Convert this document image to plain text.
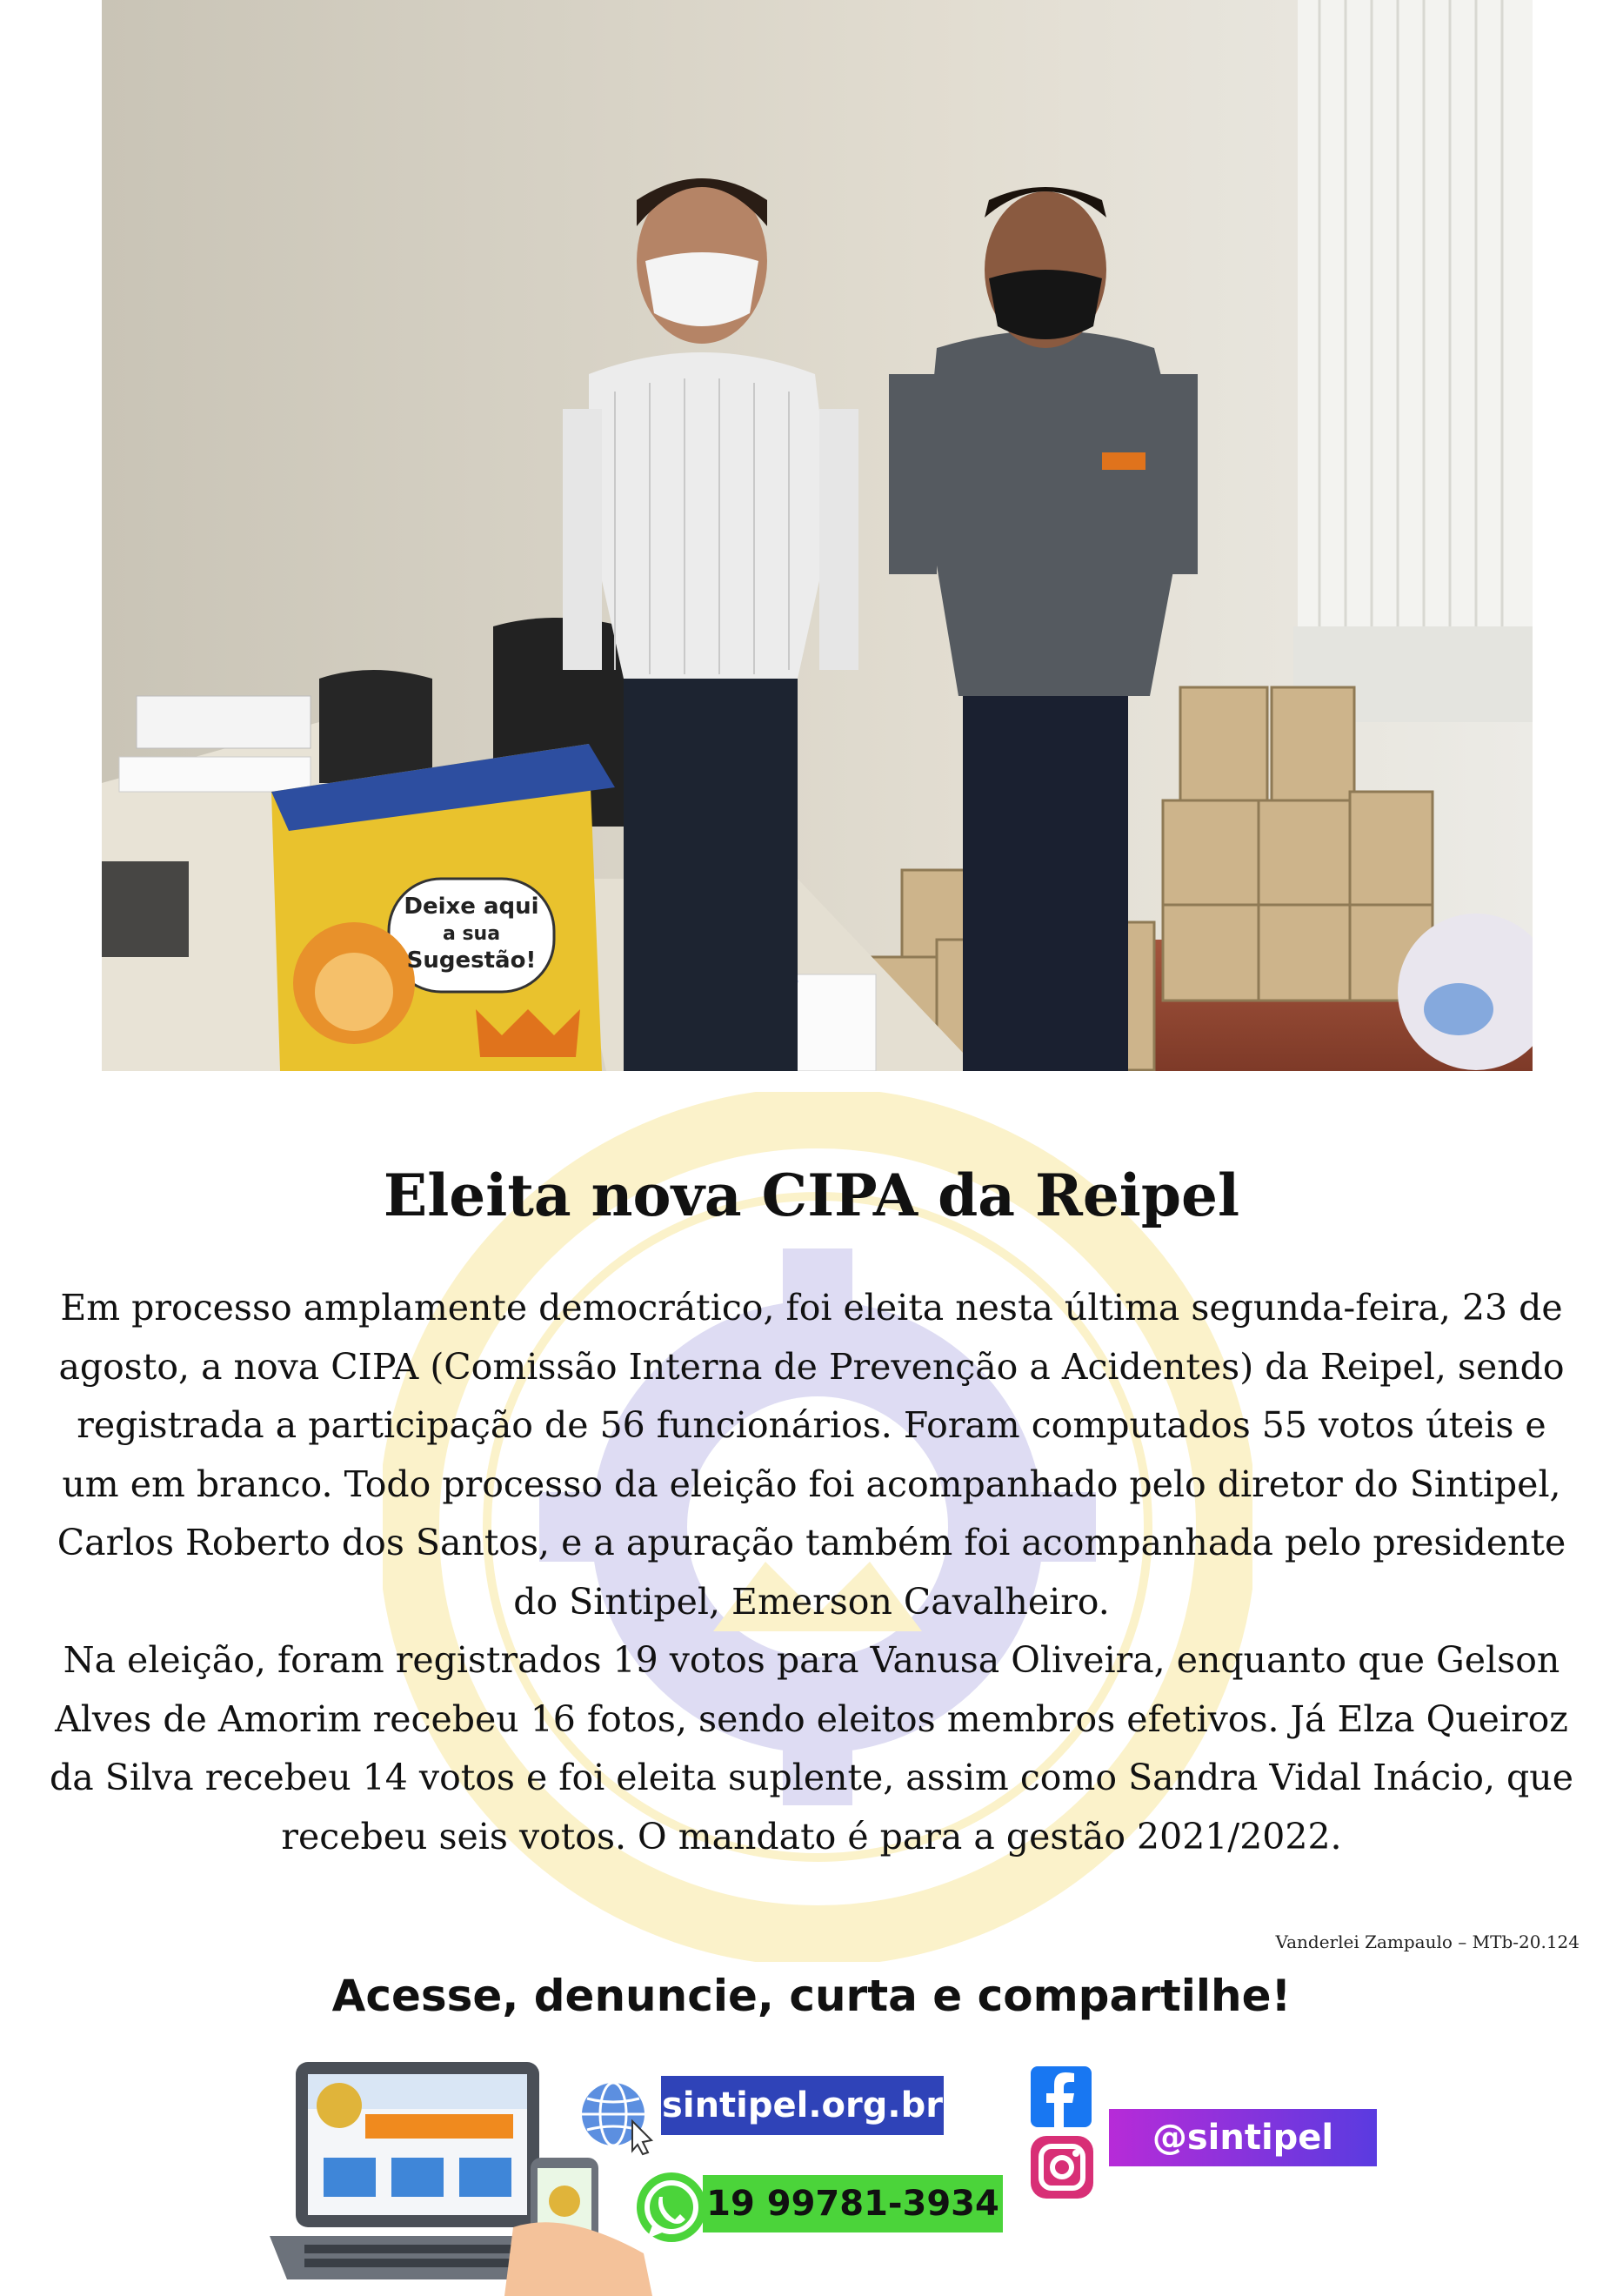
Deixe aqui
a sua
Sugestão!
Eleita nova CIPA da Reipel

Em processo amplamente democrático, foi eleita nesta última segunda-feira, 23 de agosto, a nova CIPA (Comissão Interna de Prevenção a Acidentes) da Reipel, sendo registrada a participação de 56 funcionários. Foram computados 55 votos úteis e um em branco. Todo processo da eleição foi acompanhado pelo diretor do Sintipel, Carlos Roberto dos Santos, e a apuração também foi acompanhada pelo presidente do Sintipel, Emerson Cavalheiro.

Na eleição, foram registrados 19 votos para Vanusa Oliveira, enquanto que Gelson Alves de Amorim recebeu 16 fotos, sendo eleitos membros efetivos. Já Elza Queiroz da Silva recebeu 14 votos e foi eleita suplente, assim como Sandra Vidal Inácio, que recebeu seis votos. O mandato é para a gestão 2021/2022.

Vanderlei Zampaulo – MTb-20.124
Acesse, denuncie, curta e compartilhe!
sintipel.org.br
19 99781-3934
@sintipel
